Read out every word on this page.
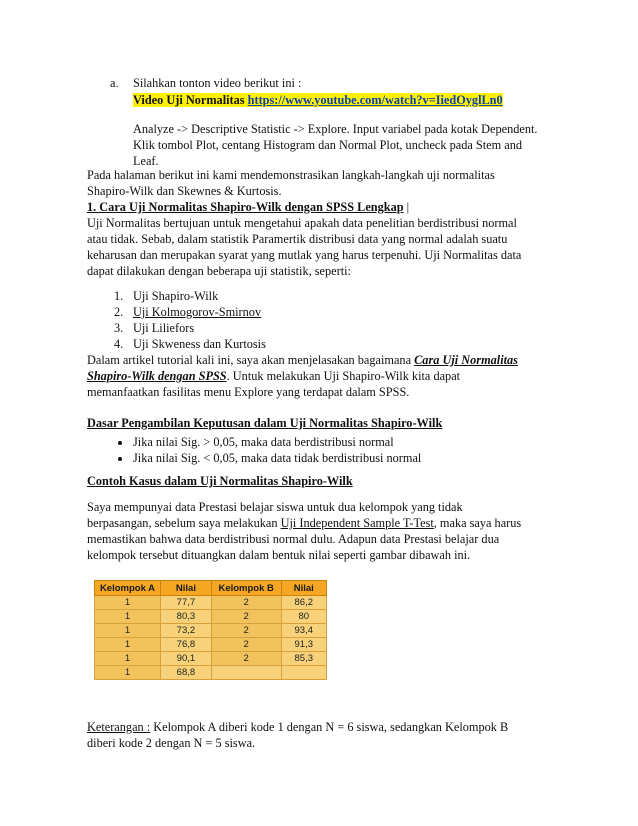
a. Silahkan tonton video berikut ini :
Video Uji Normalitas https://www.youtube.com/watch?v=IiedOyglLn0
Analyze -> Descriptive Statistic -> Explore. Input variabel pada kotak Dependent.
Klik tombol Plot, centang Histogram dan Normal Plot, uncheck pada Stem and
Leaf.
Pada halaman berikut ini kami mendemonstrasikan langkah-langkah uji normalitas
Shapiro-Wilk dan Skewnes & Kurtosis.
1. Cara Uji Normalitas Shapiro-Wilk dengan SPSS Lengkap |
Uji Normalitas bertujuan untuk mengetahui apakah data penelitian berdistribusi normal
atau tidak. Sebab, dalam statistik Paramertik distribusi data yang normal adalah suatu
keharusan dan merupakan syarat yang mutlak yang harus terpenuhi. Uji Normalitas data
dapat dilakukan dengan beberapa uji statistik, seperti:
1. Uji Shapiro-Wilk
2. Uji Kolmogorov-Smirnov
3. Uji Liliefors
4. Uji Skweness dan Kurtosis
Dalam artikel tutorial kali ini, saya akan menjelasakan bagaimana Cara Uji Normalitas
Shapiro-Wilk dengan SPSS. Untuk melakukan Uji Shapiro-Wilk kita dapat
memanfaatkan fasilitas menu Explore yang terdapat dalam SPSS.
Dasar Pengambilan Keputusan dalam Uji Normalitas Shapiro-Wilk
Jika nilai Sig. > 0,05, maka data berdistribusi normal
Jika nilai Sig. < 0,05, maka data tidak berdistribusi normal
Contoh Kasus dalam Uji Normalitas Shapiro-Wilk
Saya mempunyai data Prestasi belajar siswa untuk dua kelompok yang tidak
berpasangan, sebelum saya melakukan Uji Independent Sample T-Test, maka saya harus
memastikan bahwa data berdistribusi normal dulu. Adapun data Prestasi belajar dua
kelompok tersebut dituangkan dalam bentuk nilai seperti gambar dibawah ini.
Kelompok A	Nilai	Kelompok B	Nilai
1	77,7	2	86,2
1	80,3	2	80
1	73,2	2	93,4
1	76,8	2	91,3
1	90,1	2	85,3
1	68,8		
Keterangan : Kelompok A diberi kode 1 dengan N = 6 siswa, sedangkan Kelompok B
diberi kode 2 dengan N = 5 siswa.
